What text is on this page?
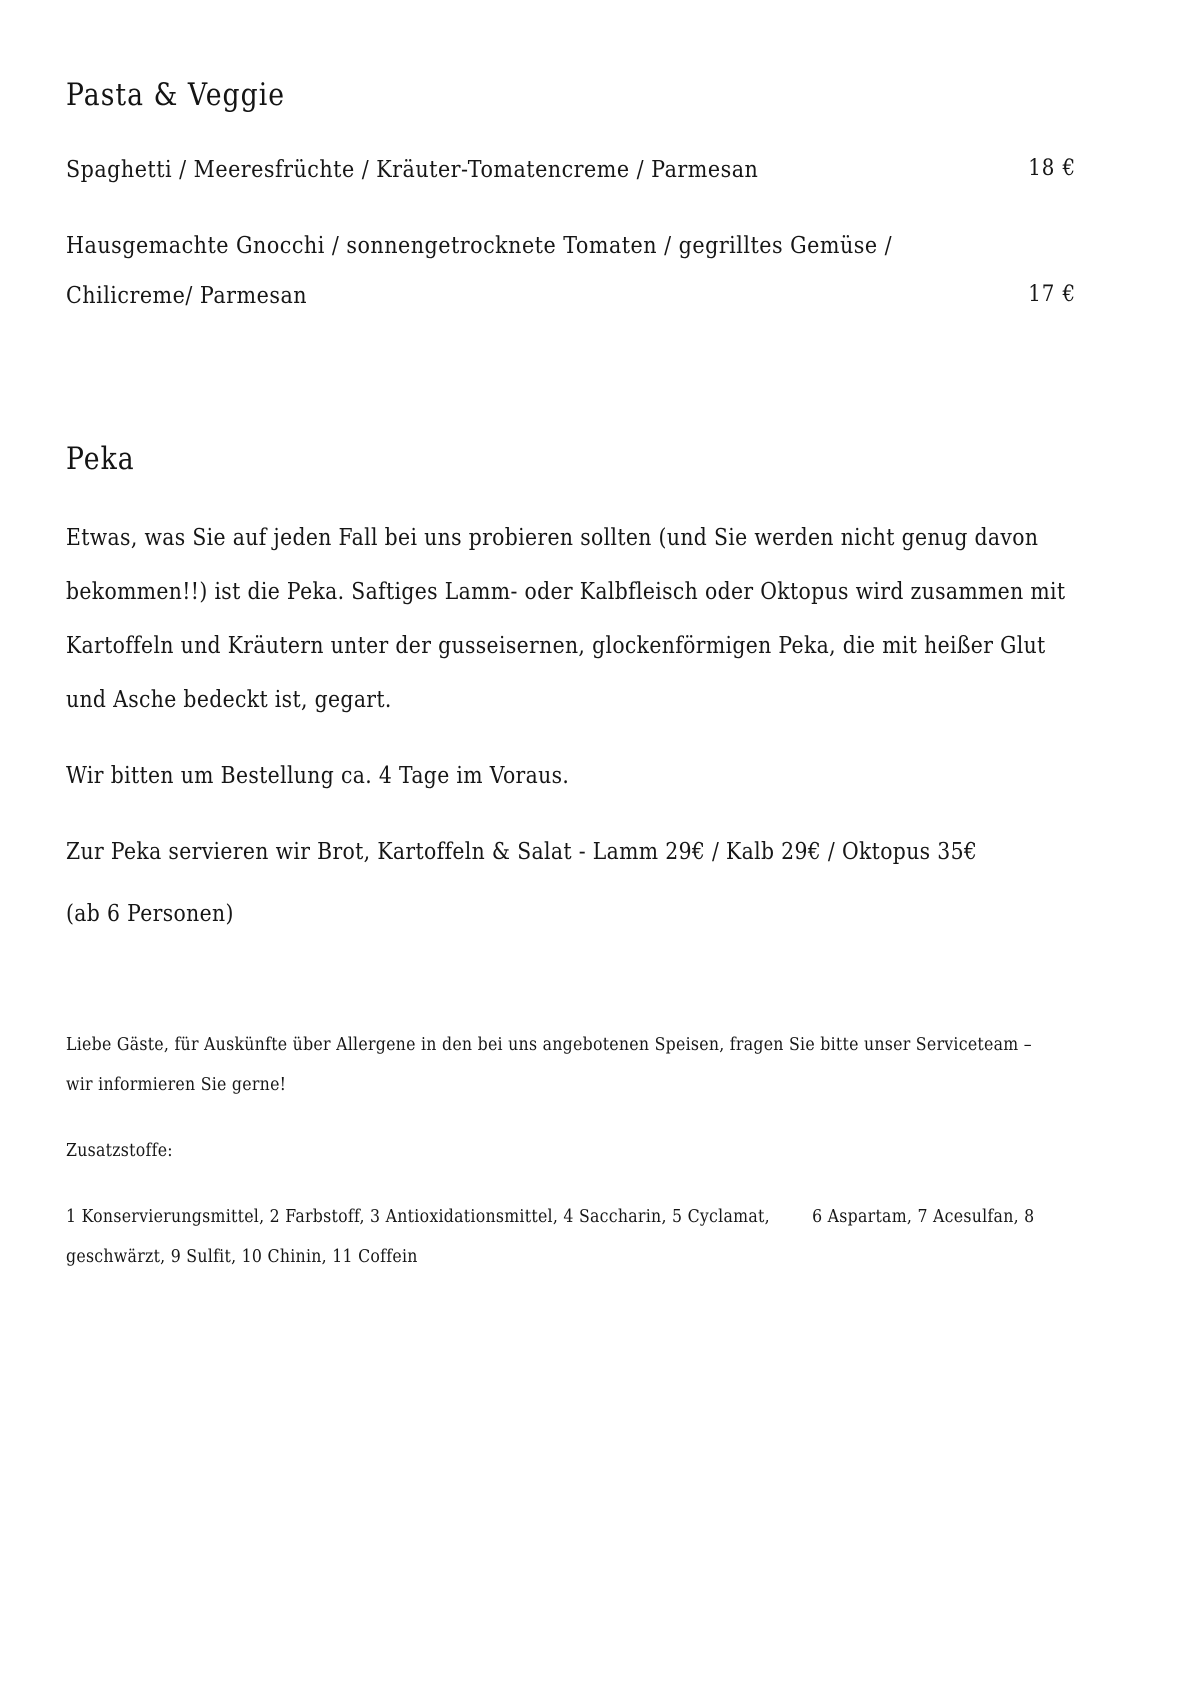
Pasta & Veggie
Spaghetti / Meeresfrüchte / Kräuter-Tomatencreme / Parmesan	18 €
Hausgemachte Gnocchi / sonnengetrocknete Tomaten / gegrilltes Gemüse /
Chilicreme/ Parmesan	17 €
Peka

Etwas, was Sie auf jeden Fall bei uns probieren sollten (und Sie werden nicht genug davon
bekommen!!) ist die Peka. Saftiges Lamm- oder Kalbfleisch oder Oktopus wird zusammen mit
Kartoffeln und Kräutern unter der gusseisernen, glockenförmigen Peka, die mit heißer Glut
und Asche bedeckt ist, gegart.

Wir bitten um Bestellung ca. 4 Tage im Voraus.

Zur Peka servieren wir Brot, Kartoffeln & Salat - Lamm 29€ / Kalb 29€ / Oktopus 35€

(ab 6 Personen)

Liebe Gäste, für Auskünfte über Allergene in den bei uns angebotenen Speisen, fragen Sie bitte unser Serviceteam –
wir informieren Sie gerne!

Zusatzstoffe:

1 Konservierungsmittel, 2 Farbstoff, 3 Antioxidationsmittel, 4 Saccharin, 5 Cyclamat,        6 Aspartam, 7 Acesulfan, 8
geschwärzt, 9 Sulfit, 10 Chinin, 11 Coffein
